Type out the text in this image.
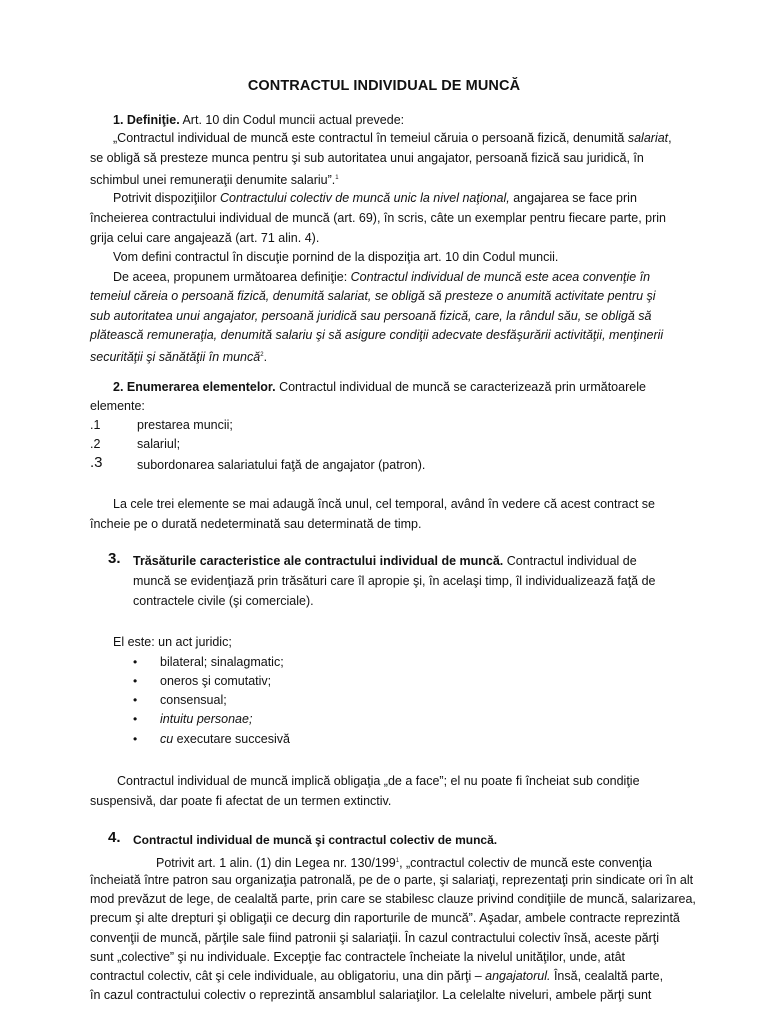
CONTRACTUL INDIVIDUAL DE MUNCĂ
1. Definiţie. Art. 10 din Codul muncii actual prevede:
„Contractul individual de muncă este contractul în temeiul căruia o persoană fizică, denumită salariat,
se obligă să presteze munca pentru şi sub autoritatea unui angajator, persoană fizică sau juridică, în
schimbul unei remuneraţii denumite salariu”.$^1$
Potrivit dispoziţiilor Contractului colectiv de muncă unic la nivel naţional, angajarea se face prin
încheierea contractului individual de muncă (art. 69), în scris, câte un exemplar pentru fiecare parte, prin
grija celui care angajează (art. 71 alin. 4).
Vom defini contractul în discuţie pornind de la dispoziţia art. 10 din Codul muncii.
De aceea, propunem următoarea definiţie: Contractul individual de muncă este acea convenţie în
temeiul căreia o persoană fizică, denumită salariat, se obligă să presteze o anumită activitate pentru şi
sub autoritatea unui angajator, persoană juridică sau persoană fizică, care, la rândul său, se obligă să
plătească remuneraţia, denumită salariu şi să asigure condiţii adecvate desfăşurării activităţii, menţinerii
securităţii şi sănătăţii în muncă$^2$.
2. Enumerarea elementelor. Contractul individual de muncă se caracterizează prin următoarele
elemente:
.1	prestarea muncii;
.2	salariul;
.3	subordonarea salariatului faţă de angajator (patron).
La cele trei elemente se mai adaugă încă unul, cel temporal, având în vedere că acest contract se
încheie pe o durată nedeterminată sau determinată de timp.
3. Trăsăturile caracteristice ale contractului individual de muncă. Contractul individual de
muncă se evidenţiază prin trăsături care îl apropie şi, în acelaşi timp, îl individualizează faţă de
contractele civile (şi comerciale).
El este: un act juridic;
• bilateral; sinalagmatic;
• oneros şi comutativ;
• consensual;
• intuitu personae;
• cu executare succesivă
Contractul individual de muncă implică obligaţia „de a face”; el nu poate fi încheiat sub condiţie
suspensivă, dar poate fi afectat de un termen extinctiv.
4. Contractul individual de muncă şi contractul colectiv de muncă.
Potrivit art. 1 alin. (1) din Legea nr. $130/199^1$, „contractul colectiv de muncă este convenţia
încheiată între patron sau organizaţia patronală, pe de o parte, şi salariaţi, reprezentaţi prin sindicate ori în alt
mod prevăzut de lege, de cealaltă parte, prin care se stabilesc clauze privind condiţiile de muncă, salarizarea,
precum şi alte drepturi şi obligaţii ce decurg din raporturile de muncă”. Aşadar, ambele contracte reprezintă
convenţii de muncă, părţile sale fiind patronii şi salariaţii. În cazul contractului colectiv însă, aceste părţi
sunt „colective” şi nu individuale. Excepţie fac contractele încheiate la nivelul unităţilor, unde, atât
contractul colectiv, cât şi cele individuale, au obligatoriu, una din părţi – angajatorul. Însă, cealaltă parte,
în cazul contractului colectiv o reprezintă ansamblul salariaţilor. La celelalte niveluri, ambele părţi sunt
